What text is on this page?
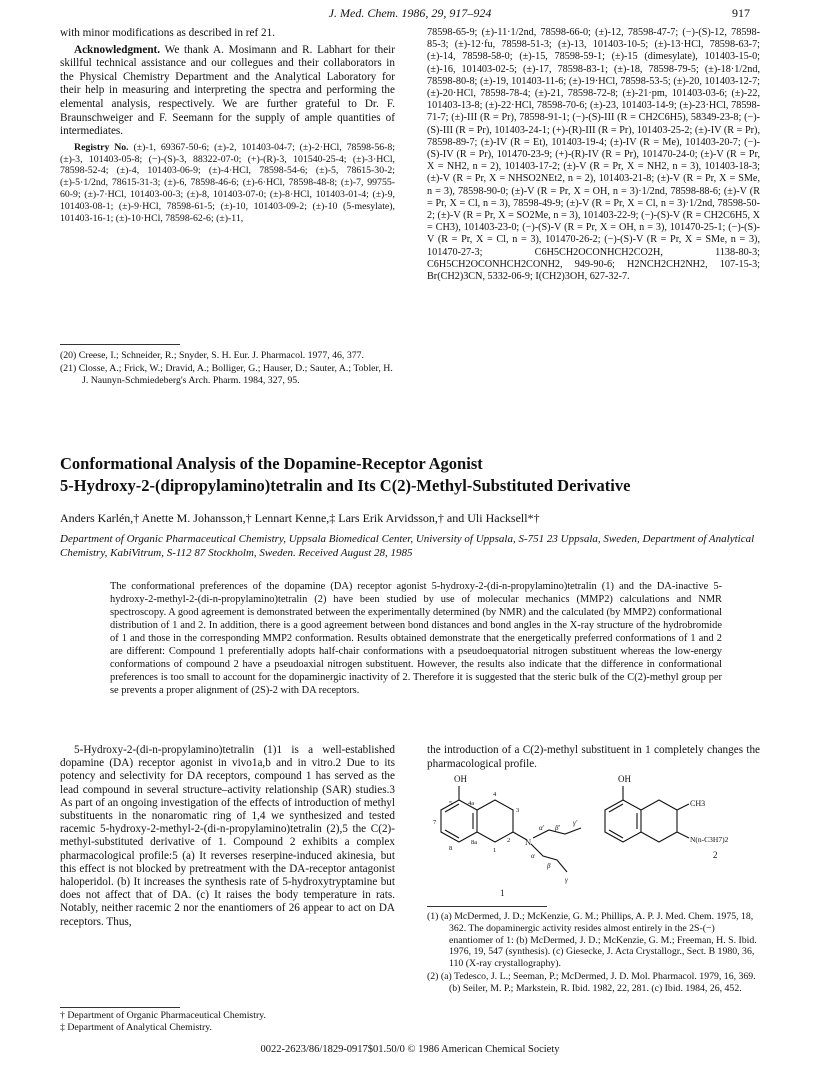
J. Med. Chem. 1986, 29, 917–924	917

with minor modifications as described in ref 21.

Acknowledgment. We thank A. Mosimann and R. Labhart for their skillful technical assistance and our collegues and their collaborators in the Physical Chemistry Department and the Analytical Laboratory for their help in measuring and interpreting the spectra and performing the elemental analysis, respectively. We are further grateful to Dr. F. Braunschweiger and F. Seemann for the supply of ample quantities of intermediates.

Registry No. (±)-1, 69367-50-6; (±)-2, 101403-04-7; (±)-2·HCl, 78598-56-8; (±)-3, 101403-05-8; (−)-(S)-3, 88322-07-0; (+)-(R)-3, 101540-25-4; (±)-3·HCl, 78598-52-4; (±)-4, 101403-06-9; (±)-4·HCl, 78598-54-6; (±)-5, 78615-30-2; (±)-5·1/2nd, 78615-31-3; (±)-6, 78598-46-6; (±)-6·HCl, 78598-48-8; (±)-7, 99755-60-9; (±)-7·HCl, 101403-00-3; (±)-8, 101403-07-0; (±)-8·HCl, 101403-01-4; (±)-9, 101403-08-1; (±)-9·HCl, 78598-61-5; (±)-10, 101403-09-2; (±)-10 (5-mesylate), 101403-16-1; (±)-10·HCl, 78598-62-6; (±)-11,

(20) Creese, I.; Schneider, R.; Snyder, S. H. Eur. J. Pharmacol. 1977, 46, 377.

(21) Closse, A.; Frick, W.; Dravid, A.; Bolliger, G.; Hauser, D.; Sauter, A.; Tobler, H. J. Naunyn-Schmiedeberg's Arch. Pharm. 1984, 327, 95.

78598-65-9; (±)-11·1/2nd, 78598-66-0; (±)-12, 78598-47-7; (−)-(S)-12, 78598-85-3; (±)-12·fu, 78598-51-3; (±)-13, 101403-10-5; (±)-13·HCl, 78598-63-7; (±)-14, 78598-58-0; (±)-15, 78598-59-1; (±)-15 (dimesylate), 101403-15-0; (±)-16, 101403-02-5; (±)-17, 78598-83-1; (±)-18, 78598-79-5; (±)-18·1/2nd, 78598-80-8; (±)-19, 101403-11-6; (±)-19·HCl, 78598-53-5; (±)-20, 101403-12-7; (±)-20·HCl, 78598-78-4; (±)-21, 78598-72-8; (±)-21·pm, 101403-03-6; (±)-22, 101403-13-8; (±)-22·HCl, 78598-70-6; (±)-23, 101403-14-9; (±)-23·HCl, 78598-71-7; (±)-III (R = Pr), 78598-91-1; (−)-(S)-III (R = CH2C6H5), 58349-23-8; (−)-(S)-III (R = Pr), 101403-24-1; (+)-(R)-III (R = Pr), 101403-25-2; (±)-IV (R = Pr), 78598-89-7; (±)-IV (R = Et), 101403-19-4; (±)-IV (R = Me), 101403-20-7; (−)-(S)-IV (R = Pr), 101470-23-9; (+)-(R)-IV (R = Pr), 101470-24-0; (±)-V (R = Pr, X = NH2, n = 2), 101403-17-2; (±)-V (R = Pr, X = NH2, n = 3), 101403-18-3; (±)-V (R = Pr, X = NHSO2NEt2, n = 2), 101403-21-8; (±)-V (R = Pr, X = SMe, n = 3), 78598-90-0; (±)-V (R = Pr, X = OH, n = 3)·1/2nd, 78598-88-6; (±)-V (R = Pr, X = Cl, n = 3), 78598-49-9; (±)-V (R = Pr, X = Cl, n = 3)·1/2nd, 78598-50-2; (±)-V (R = Pr, X = SO2Me, n = 3), 101403-22-9; (−)-(S)-V (R = CH2C6H5, X = CH3), 101403-23-0; (−)-(S)-V (R = Pr, X = OH, n = 3), 101470-25-1; (−)-(S)-V (R = Pr, X = Cl, n = 3), 101470-26-2; (−)-(S)-V (R = Pr, X = SMe, n = 3), 101470-27-3; C6H5CH2OCONHCH2CO2H, 1138-80-3; C6H5CH2OCONHCH2CONH2, 949-90-6; H2NCH2CH2NH2, 107-15-3; Br(CH2)3CN, 5332-06-9; I(CH2)3OH, 627-32-7.

Conformational Analysis of the Dopamine-Receptor Agonist
5-Hydroxy-2-(dipropylamino)tetralin and Its C(2)-Methyl-Substituted Derivative
Anders Karlén,† Anette M. Johansson,† Lennart Kenne,‡ Lars Erik Arvidsson,† and Uli Hacksell*†
Department of Organic Pharmaceutical Chemistry, Uppsala Biomedical Center, University of Uppsala, S-751 23 Uppsala, Sweden, Department of Analytical Chemistry, KabiVitrum, S-112 87 Stockholm, Sweden. Received August 28, 1985
The conformational preferences of the dopamine (DA) receptor agonist 5-hydroxy-2-(di-n-propylamino)tetralin (1) and the DA-inactive 5-hydroxy-2-methyl-2-(di-n-propylamino)tetralin (2) have been studied by use of molecular mechanics (MMP2) calculations and NMR spectroscopy. A good agreement is demonstrated between the experimentally determined (by NMR) and the calculated (by MMP2) conformational distribution of 1 and 2. In addition, there is a good agreement between bond distances and bond angles in the X-ray structure of the hydrobromide of 1 and those in the corresponding MMP2 conformation. Results obtained demonstrate that the energetically preferred conformations of 1 and 2 are different: Compound 1 preferentially adopts half-chair conformations with a pseudoequatorial nitrogen substituent whereas the low-energy conformations of compound 2 have a pseudoaxial nitrogen substituent. However, the results also indicate that the difference in conformational preferences is too small to account for the dopaminergic inactivity of 2. Therefore it is suggested that the steric bulk of the C(2)-methyl group per se prevents a proper alignment of (2S)-2 with DA receptors.

5-Hydroxy-2-(di-n-propylamino)tetralin (1)1 is a well-established dopamine (DA) receptor agonist in vivo1a,b and in vitro.2 Due to its potency and selectivity for DA receptors, compound 1 has served as the lead compound in several structure–activity relationship (SAR) studies.3 As part of an ongoing investigation of the effects of introduction of methyl substituents in the nonaromatic ring of 1,4 we synthesized and tested racemic 5-hydroxy-2-methyl-2-(di-n-propylamino)tetralin (2),5 the C(2)-methyl-substituted derivative of 1. Compound 2 exhibits a complex pharmacological profile:5 (a) It reverses reserpine-induced akinesia, but this effect is not blocked by pretreatment with the DA-receptor antagonist haloperidol. (b) It increases the synthesis rate of 5-hydroxytryptamine but does not affect that of DA. (c) It raises the body temperature in rats. Notably, neither racemic 2 nor the enantiomers of 26 appear to act on DA receptors. Thus,

† Department of Organic Pharmaceutical Chemistry.
‡ Department of Analytical Chemistry.

the introduction of a C(2)-methyl substituent in 1 completely changes the pharmacological profile.

OH
5 4a
4
3
7
8
8a
1
2 N
α' β'
γ'
α
β
γ
1
OH
CH3
N(n-C3H7)2
2

(1) (a) McDermed, J. D.; McKenzie, G. M.; Phillips, A. P. J. Med. Chem. 1975, 18, 362. The dopaminergic activity resides almost entirely in the 2S-(−) enantiomer of 1: (b) McDermed, J. D.; McKenzie, G. M.; Freeman, H. S. Ibid. 1976, 19, 547 (synthesis). (c) Giesecke, J. Acta Crystallogr., Sect. B 1980, 36, 110 (X-ray crystallography).

(2) (a) Tedesco, J. L.; Seeman, P.; McDermed, J. D. Mol. Pharmacol. 1979, 16, 369. (b) Seiler, M. P.; Markstein, R. Ibid. 1982, 22, 281. (c) Ibid. 1984, 26, 452.

0022-2623/86/1829-0917$01.50/0 © 1986 American Chemical Society
